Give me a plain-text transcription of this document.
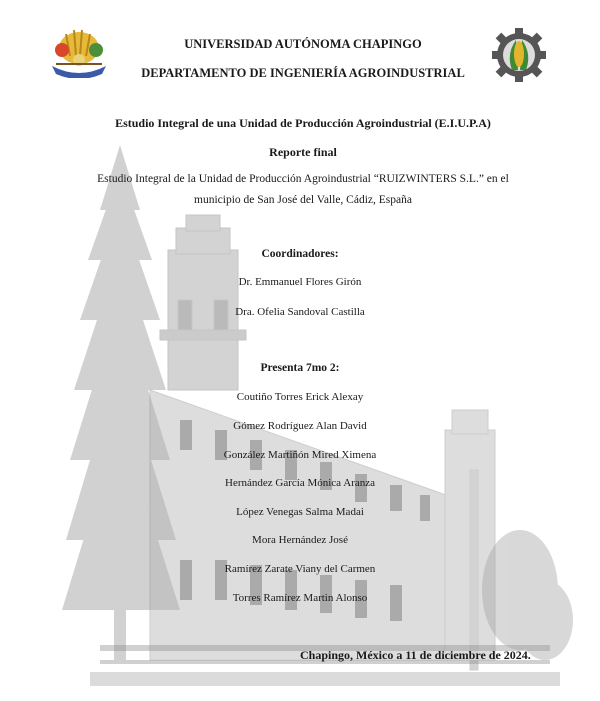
UNIVERSIDAD AUTÓNOMA CHAPINGO
DEPARTAMENTO DE INGENIERÍA AGROINDUSTRIAL
Estudio Integral de una Unidad de Producción Agroindustrial (E.I.U.P.A)
Reporte final
Estudio Integral de la Unidad de Producción Agroindustrial “RUIZWINTERS S.L.” en el
municipio de San José del Valle, Cádiz, España
Coordinadores:
Dr. Emmanuel Flores Girón
Dra. Ofelia Sandoval Castilla
Presenta 7mo 2:
Coutiño Torres Erick Alexay
Gómez Rodríguez Alan David
González Martiñón Mired Ximena
Hernández García Mónica Aranza
López Venegas Salma Madai
Mora Hernández José
Ramírez Zarate Viany del Carmen
Torres Ramírez Martin Alonso
Chapingo, México a 11 de diciembre de 2024.
